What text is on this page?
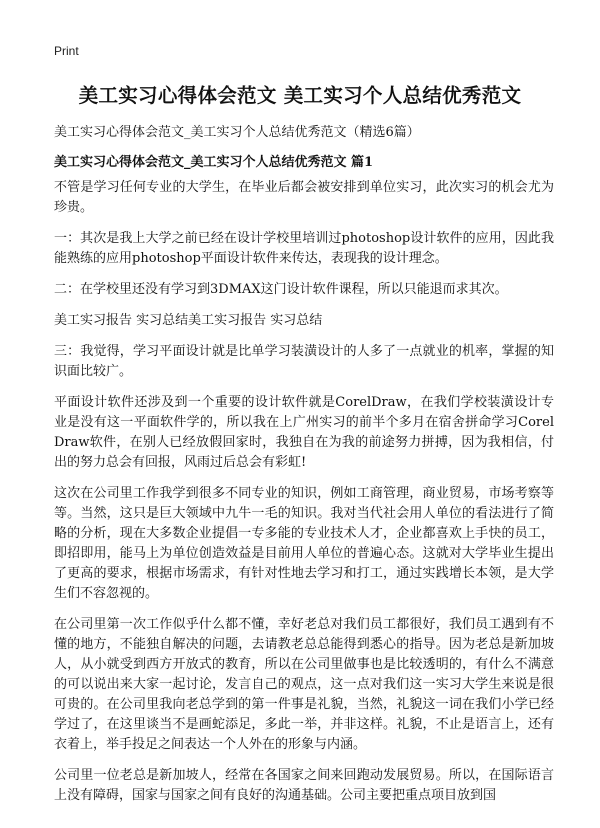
Print

美工实习心得体会范文 美工实习个人总结优秀范文

美工实习心得体会范文_美工实习个人总结优秀范文（精选6篇）

美工实习心得体会范文_美工实习个人总结优秀范文 篇1

不管是学习任何专业的大学生，在毕业后都会被安排到单位实习，此次实习的机会尤为珍贵。

一：其次是我上大学之前已经在设计学校里培训过photoshop设计软件的应用，因此我能熟练的应用photoshop平面设计软件来传达，表现我的设计理念。

二：在学校里还没有学习到3DMAX这门设计软件课程，所以只能退而求其次。

美工实习报告 实习总结美工实习报告 实习总结

三：我觉得，学习平面设计就是比单学习装潢设计的人多了一点就业的机率，掌握的知识面比较广。

平面设计软件还涉及到一个重要的设计软件就是CorelDraw，在我们学校装潢设计专业是没有这一平面软件学的，所以我在上广州实习的前半个多月在宿舍拼命学习CorelDraw软件，在别人已经放假回家时，我独自在为我的前途努力拼搏，因为我相信，付出的努力总会有回报，风雨过后总会有彩虹!

这次在公司里工作我学到很多不同专业的知识，例如工商管理，商业贸易，市场考察等等。当然，这只是巨大领域中九牛一毛的知识。我对当代社会用人单位的看法进行了简略的分析，现在大多数企业提倡一专多能的专业技术人才，企业都喜欢上手快的员工，即招即用，能马上为单位创造效益是目前用人单位的普遍心态。这就对大学毕业生提出了更高的要求，根据市场需求，有针对性地去学习和打工，通过实践增长本领，是大学生们不容忽视的。

在公司里第一次工作似乎什么都不懂，幸好老总对我们员工都很好，我们员工遇到有不懂的地方，不能独自解决的问题，去请教老总总能得到悉心的指导。因为老总是新加坡人，从小就受到西方开放式的教育，所以在公司里做事也是比较透明的，有什么不满意的可以说出来大家一起讨论，发言自己的观点，这一点对我们这一实习大学生来说是很可贵的。在公司里我向老总学到的第一件事是礼貌，当然，礼貌这一词在我们小学已经学过了，在这里谈当不是画蛇添足，多此一举，并非这样。礼貌，不止是语言上，还有衣着上，举手投足之间表达一个人外在的形象与内涵。

公司里一位老总是新加坡人，经常在各国家之间来回跑动发展贸易。所以，在国际语言上没有障碍，国家与国家之间有良好的沟通基础。公司主要把重点项目放到国
